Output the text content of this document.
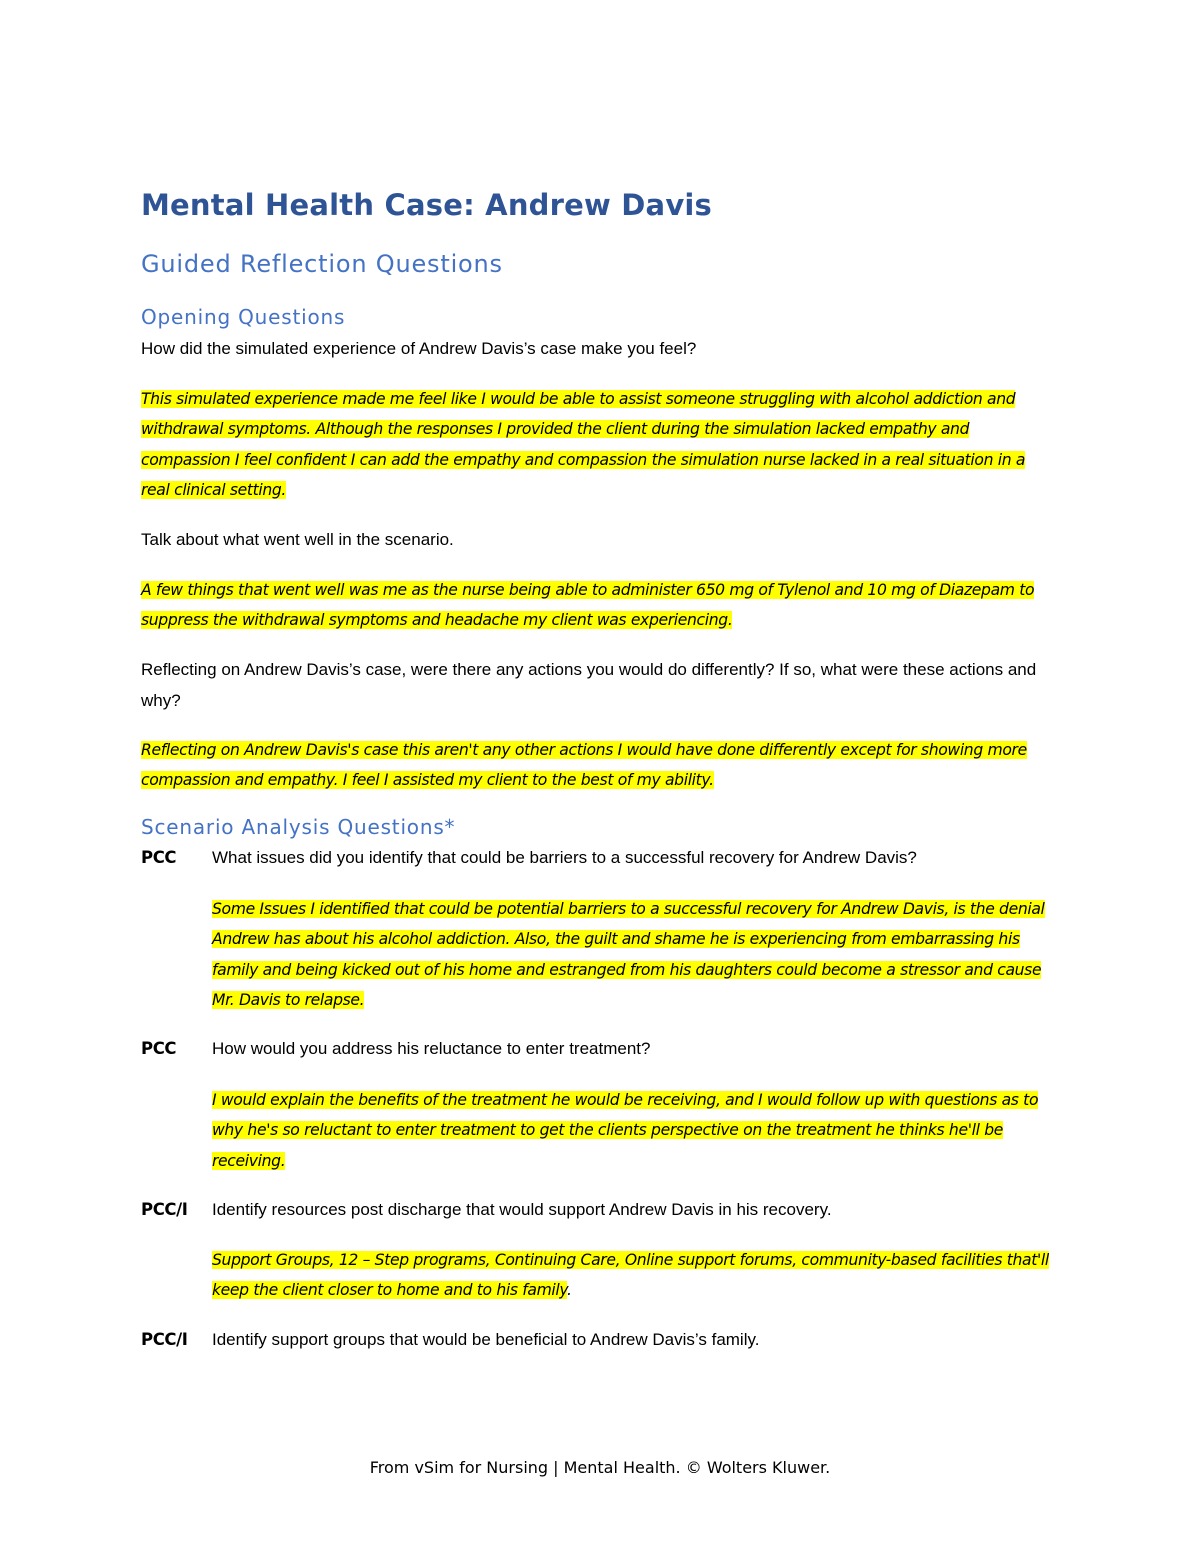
Mental Health Case: Andrew Davis
Guided Reflection Questions
Opening Questions
How did the simulated experience of Andrew Davis’s case make you feel?
This simulated experience made me feel like I would be able to assist someone struggling with alcohol addiction and withdrawal symptoms. Although the responses I provided the client during the simulation lacked empathy and compassion I feel confident I can add the empathy and compassion the simulation nurse lacked in a real situation in a real clinical setting.
Talk about what went well in the scenario.
A few things that went well was me as the nurse being able to administer 650 mg of Tylenol and 10 mg of Diazepam to suppress the withdrawal symptoms and headache my client was experiencing.
Reflecting on Andrew Davis’s case, were there any actions you would do differently? If so, what were these actions and why?
Reflecting on Andrew Davis's case this aren't any other actions I would have done differently except for showing more compassion and empathy. I feel I assisted my client to the best of my ability.
Scenario Analysis Questions*
PCC What issues did you identify that could be barriers to a successful recovery for Andrew Davis?
Some Issues I identified that could be potential barriers to a successful recovery for Andrew Davis, is the denial Andrew has about his alcohol addiction. Also, the guilt and shame he is experiencing from embarrassing his family and being kicked out of his home and estranged from his daughters could become a stressor and cause Mr. Davis to relapse.
PCC How would you address his reluctance to enter treatment?
I would explain the benefits of the treatment he would be receiving, and I would follow up with questions as to why he's so reluctant to enter treatment to get the clients perspective on the treatment he thinks he'll be receiving.
PCC/I Identify resources post discharge that would support Andrew Davis in his recovery.
Support Groups, 12 – Step programs, Continuing Care, Online support forums, community-based facilities that'll keep the client closer to home and to his family.
PCC/I Identify support groups that would be beneficial to Andrew Davis’s family.
From vSim for Nursing | Mental Health. © Wolters Kluwer.
